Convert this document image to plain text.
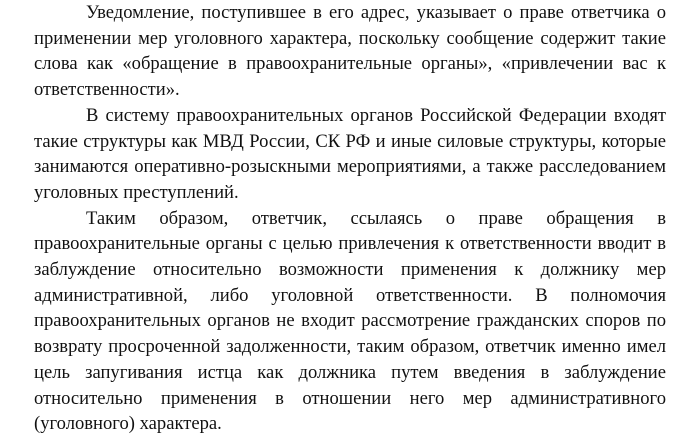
Уведомление, поступившее в его адрес, указывает о праве ответчика о применении мер уголовного характера, поскольку сообщение содержит такие слова как «обращение в правоохранительные органы», «привлечении вас к ответственности».

В систему правоохранительных органов Российской Федерации входят такие структуры как МВД России, СК РФ и иные силовые структуры, которые занимаются оперативно-розыскными мероприятиями, а также расследованием уголовных преступлений.

Таким образом, ответчик, ссылаясь о праве обращения в правоохранительные органы с целью привлечения к ответственности вводит в заблуждение относительно возможности применения к должнику мер административной, либо уголовной ответственности. В полномочия правоохранительных органов не входит рассмотрение гражданских споров по возврату просроченной задолженности, таким образом, ответчик именно имел цель запугивания истца как должника путем введения в заблуждение относительно применения в отношении него мер административного (уголовного) характера.
